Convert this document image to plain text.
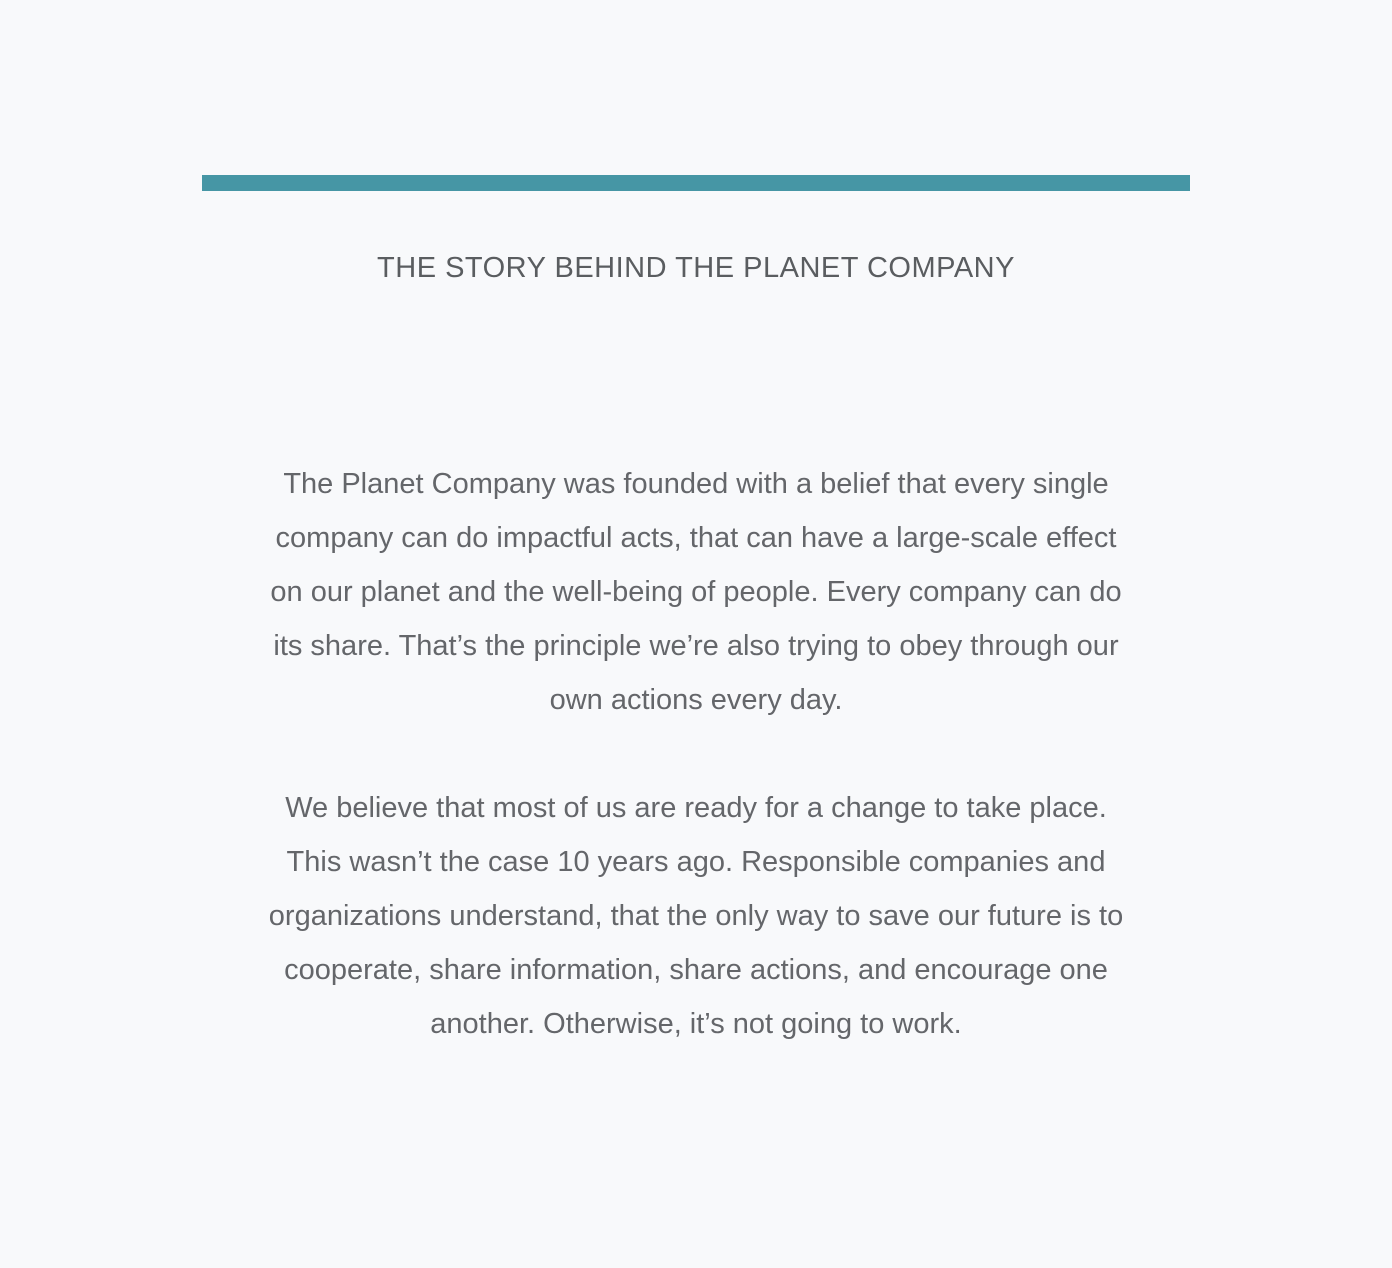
THE STORY BEHIND THE PLANET COMPANY

The Planet Company was founded with a belief that every single
company can do impactful acts, that can have a large-scale effect
on our planet and the well-being of people. Every company can do
its share. That’s the principle we’re also trying to obey through our
own actions every day.

We believe that most of us are ready for a change to take place.
This wasn’t the case 10 years ago. Responsible companies and
organizations understand, that the only way to save our future is to
cooperate, share information, share actions, and encourage one
another. Otherwise, it’s not going to work.
